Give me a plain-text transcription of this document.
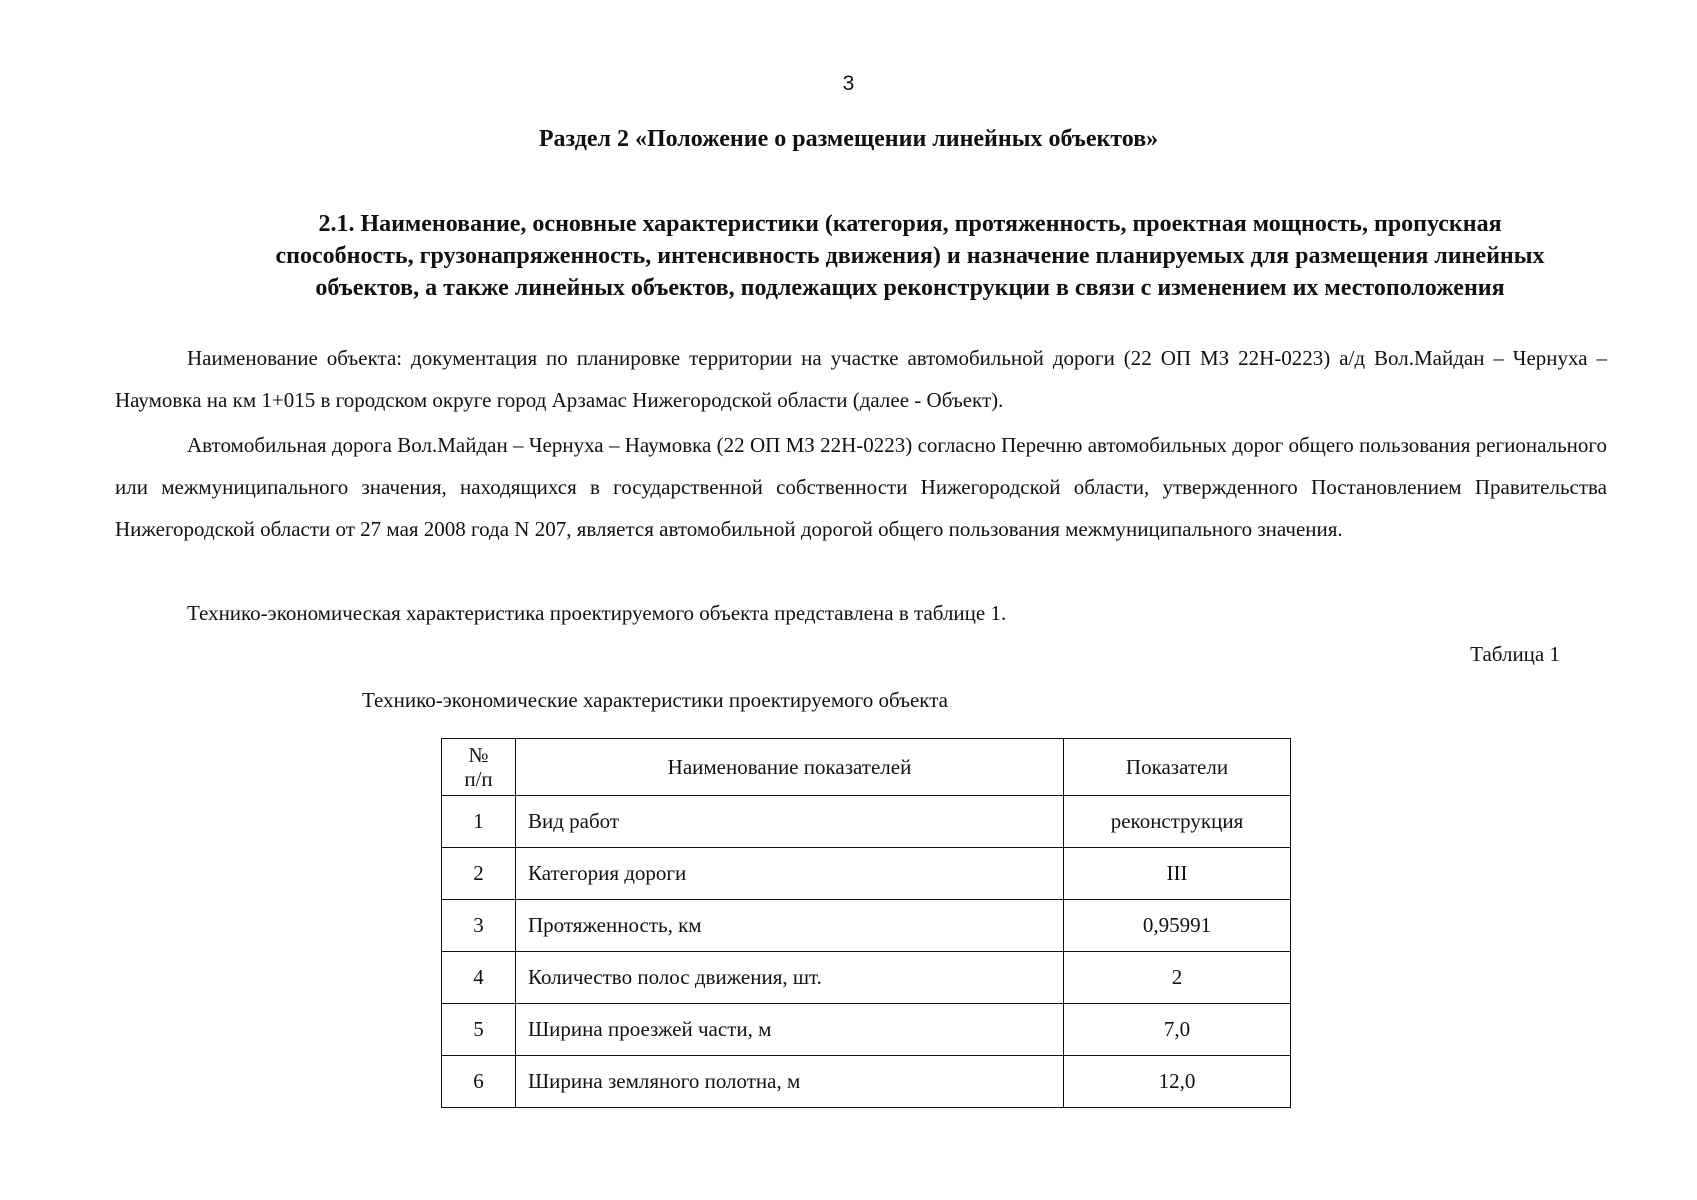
3
Раздел 2 «Положение о размещении линейных объектов»
2.1. Наименование, основные характеристики (категория, протяженность, проектная мощность, пропускная способность, грузонапряженность, интенсивность движения) и назначение планируемых для размещения линейных объектов, а также линейных объектов, подлежащих реконструкции в связи с изменением их местоположения
Наименование объекта: документация по планировке территории на участке автомобильной дороги (22 ОП МЗ 22Н-0223) а/д Вол.Майдан – Чернуха – Наумовка на км 1+015 в городском округе город Арзамас Нижегородской области (далее - Объект).
Автомобильная дорога Вол.Майдан – Чернуха – Наумовка (22 ОП МЗ 22Н-0223) согласно Перечню автомобильных дорог общего пользования регионального или межмуниципального значения, находящихся в государственной собственности Нижегородской области, утвержденного Постановлением Правительства Нижегородской области от 27 мая 2008 года N 207, является автомобильной дорогой общего пользования межмуниципального значения.
Технико-экономическая характеристика проектируемого объекта представлена в таблице 1.
Таблица 1
Технико-экономические характеристики проектируемого объекта
№
п/п	Наименование показателей	Показатели
1	Вид работ	реконструкция
2	Категория дороги	III
3	Протяженность, км	0,95991
4	Количество полос движения, шт.	2
5	Ширина проезжей части, м	7,0
6	Ширина земляного полотна, м	12,0
